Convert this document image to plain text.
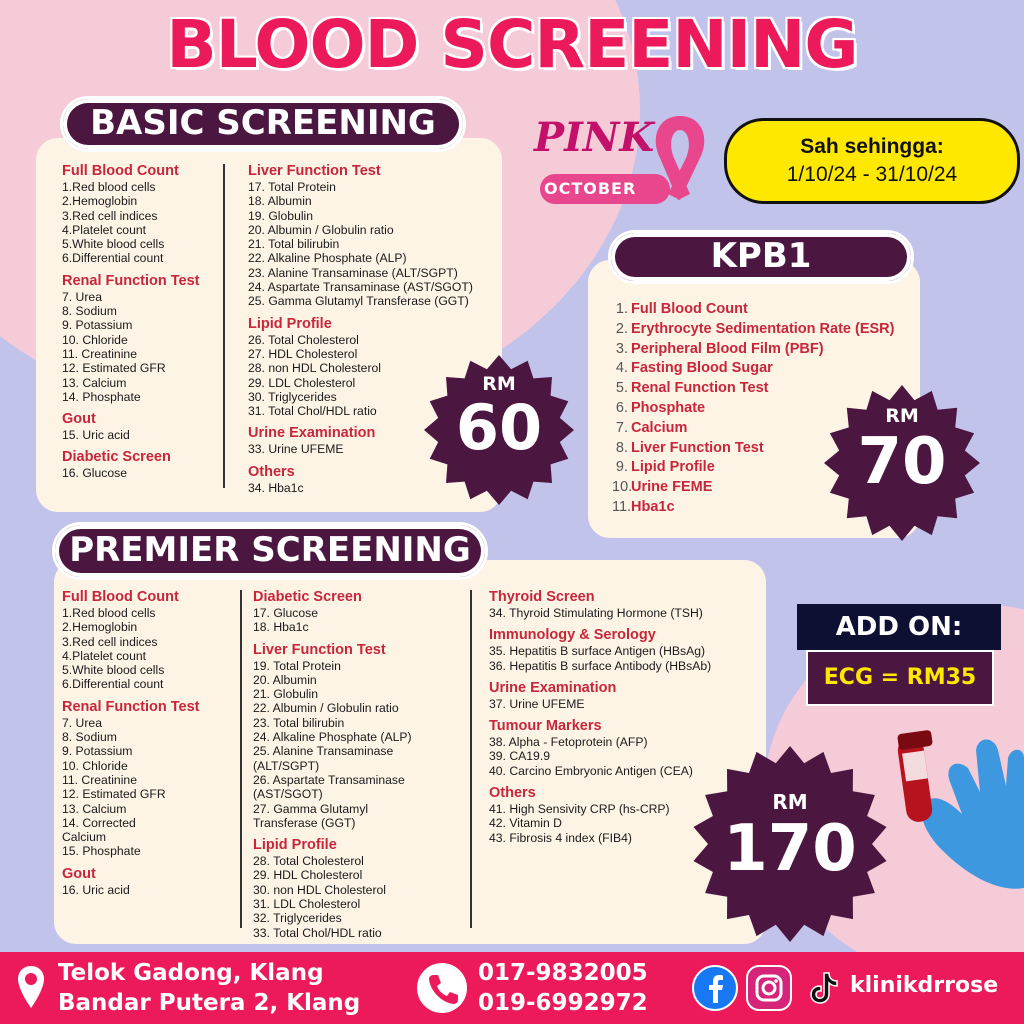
BLOOD SCREENING
BASIC SCREENING
Full Blood Count
1.Red blood cells
2.Hemoglobin
3.Red cell indices
4.Platelet count
5.White blood cells
6.Differential count
Renal Function Test
7. Urea
8. Sodium
9. Potassium
10. Chloride
11. Creatinine
12. Estimated GFR
13. Calcium
14. Phosphate
Gout
15. Uric acid
Diabetic Screen
16. Glucose
Liver Function Test
17. Total Protein
18. Albumin
19. Globulin
20. Albumin / Globulin ratio
21. Total bilirubin
22. Alkaline Phosphate (ALP)
23. Alanine Transaminase (ALT/SGPT)
24. Aspartate Transaminase (AST/SGOT)
25. Gamma Glutamyl Transferase (GGT)
Lipid Profile
26. Total Cholesterol
27. HDL Cholesterol
28. non HDL Cholesterol
29. LDL Cholesterol
30. Triglycerides
31. Total Chol/HDL ratio
Urine Examination
33. Urine UFEME
Others
34. Hba1c
RM
60
PINK
OCTOBER
Sah sehingga:
1/10/24 - 31/10/24
KPB1
1. Full Blood Count
2. Erythrocyte Sedimentation Rate (ESR)
3. Peripheral Blood Film (PBF)
4. Fasting Blood Sugar
5. Renal Function Test
6. Phosphate
7. Calcium
8. Liver Function Test
9. Lipid Profile
10.Urine FEME
11.Hba1c
RM
70
PREMIER SCREENING
Full Blood Count
1.Red blood cells
2.Hemoglobin
3.Red cell indices
4.Platelet count
5.White blood cells
6.Differential count
Renal Function Test
7. Urea
8. Sodium
9. Potassium
10. Chloride
11. Creatinine
12. Estimated GFR
13. Calcium
14. Corrected
Calcium
15. Phosphate
Gout
16. Uric acid
Diabetic Screen
17. Glucose
18. Hba1c
Liver Function Test
19. Total Protein
20. Albumin
21. Globulin
22. Albumin / Globulin ratio
23. Total bilirubin
24. Alkaline Phosphate (ALP)
25. Alanine Transaminase
(ALT/SGPT)
26. Aspartate Transaminase
(AST/SGOT)
27. Gamma Glutamyl
Transferase (GGT)
Lipid Profile
28. Total Cholesterol
29. HDL Cholesterol
30. non HDL Cholesterol
31. LDL Cholesterol
32. Triglycerides
33. Total Chol/HDL ratio
Thyroid Screen
34. Thyroid Stimulating Hormone (TSH)
Immunology & Serology
35. Hepatitis B surface Antigen (HBsAg)
36. Hepatitis B surface Antibody (HBsAb)
Urine Examination
37. Urine UFEME
Tumour Markers
38. Alpha - Fetoprotein (AFP)
39. CA19.9
40. Carcino Embryonic Antigen (CEA)
Others
41. High Sensivity CRP (hs-CRP)
42. Vitamin D
43. Fibrosis 4 index (FIB4)
RM
170
ADD ON:
ECG = RM35
Telok Gadong, Klang
Bandar Putera 2, Klang
017-9832005
019-6992972
klinikdrrose
